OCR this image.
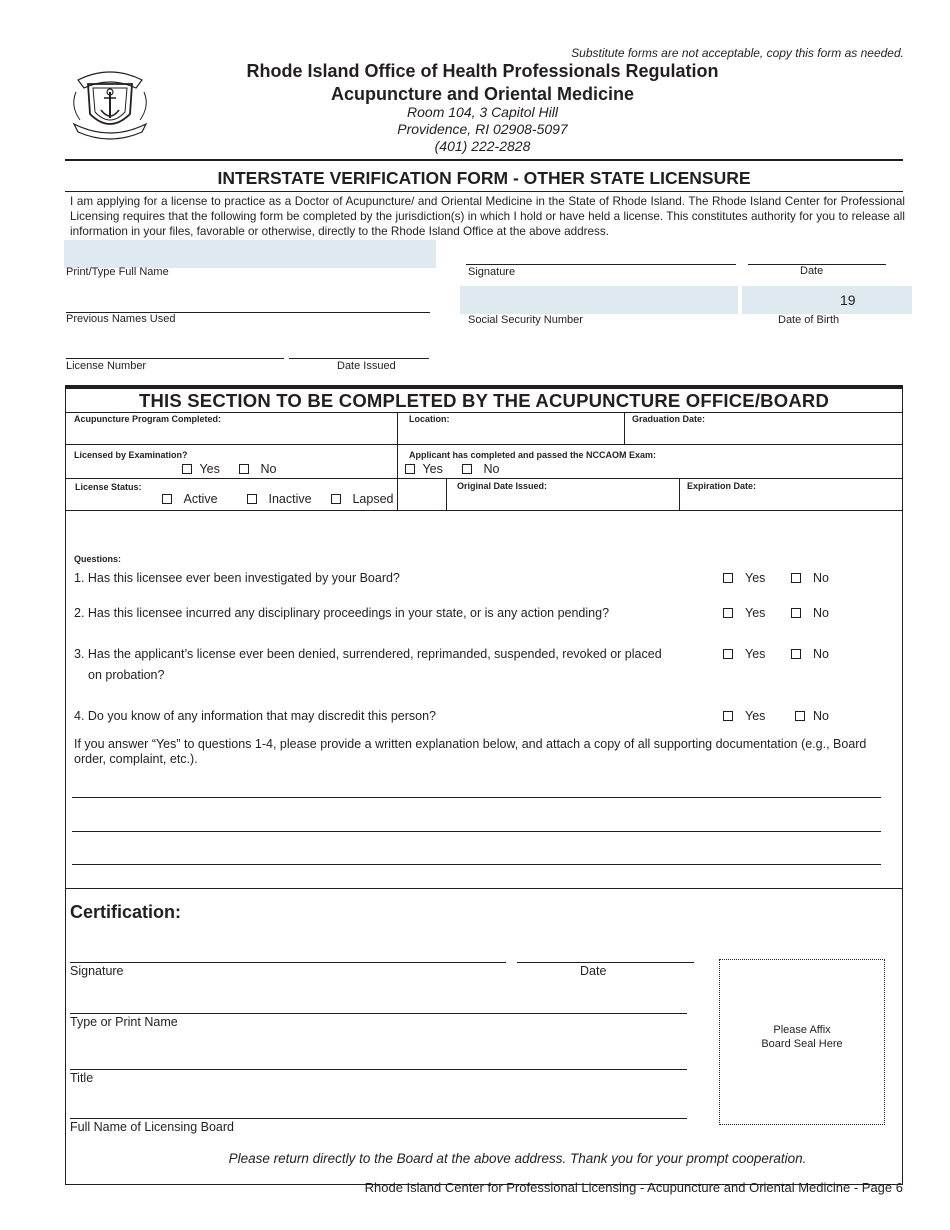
Substitute forms are not acceptable, copy this form as needed.
Rhode Island Office of Health Professionals Regulation
Acupuncture and Oriental Medicine
Room 104, 3 Capitol Hill
Providence, RI 02908-5097
(401) 222-2828
INTERSTATE VERIFICATION FORM - OTHER STATE LICENSURE
I am applying for a license to practice as a Doctor of Acupuncture/ and Oriental Medicine in the State of Rhode Island. The Rhode Island Center for Professional Licensing requires that the following form be completed by the jurisdiction(s) in which I hold or have held a license. This constitutes authority for you to release all information in your files, favorable or otherwise, directly to the Rhode Island Office at the above address.
Print/Type Full Name	Signature	Date
Previous Names Used	Social Security Number
19
Date of Birth
License Number	Date Issued
THIS SECTION TO BE COMPLETED BY THE ACUPUNCTURE OFFICE/BOARD
Acupuncture Program Completed:	Location:	Graduation Date:
Licensed by Examination?
Yes	No
Applicant has completed and passed the NCCAOM Exam:
Yes	No
License Status:
Active	Inactive	Lapsed
Original Date Issued:	Expiration Date:
Questions:
1. Has this licensee ever been investigated by your Board?	Yes	No
2. Has this licensee incurred any disciplinary proceedings in your state, or is any action pending?	Yes	No
3. Has the applicant’s license ever been denied, surrendered, reprimanded, suspended, revoked or placed
on probation?
Yes	No
4. Do you know of any information that may discredit this person?	Yes	No
If you answer “Yes” to questions 1-4, please provide a written explanation below, and attach a copy of all supporting documentation (e.g., Board order, complaint, etc.).
Certification:
Signature	Date
Type or Print Name
Title
Full Name of Licensing Board
Please Affix
Board Seal Here
Please return directly to the Board at the above address. Thank you for your prompt cooperation.
Rhode Island Center for Professional Licensing - Acupuncture and Oriental Medicine - Page 6
